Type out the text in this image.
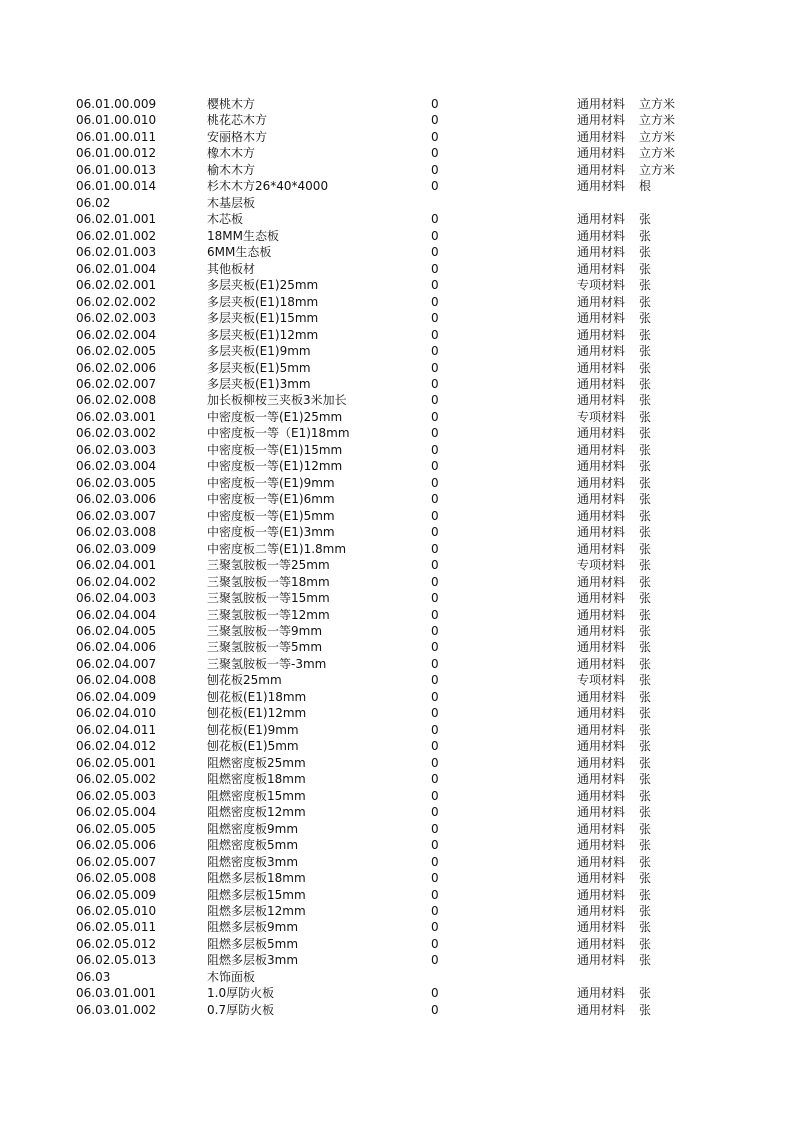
06.01.00.009	樱桃木方	0	通用材料 立方米
06.01.00.010	桃花芯木方	0	通用材料 立方米
06.01.00.011	安丽格木方	0	通用材料 立方米
06.01.00.012	橡木木方	0	通用材料 立方米
06.01.00.013	榆木木方	0	通用材料 立方米
06.01.00.014	杉木木方26*40*4000	0	通用材料 根
06.02	木基层板
06.02.01.001	木芯板	0	通用材料 张
06.02.01.002	18MM生态板	0	通用材料 张
06.02.01.003	6MM生态板	0	通用材料 张
06.02.01.004	其他板材	0	通用材料 张
06.02.02.001	多层夹板(E1)25mm	0	专项材料 张
06.02.02.002	多层夹板(E1)18mm	0	通用材料 张
06.02.02.003	多层夹板(E1)15mm	0	通用材料 张
06.02.02.004	多层夹板(E1)12mm	0	通用材料 张
06.02.02.005	多层夹板(E1)9mm	0	通用材料 张
06.02.02.006	多层夹板(E1)5mm	0	通用材料 张
06.02.02.007	多层夹板(E1)3mm	0	通用材料 张
06.02.02.008	加长板柳桉三夹板3米加长	0	通用材料 张
06.02.03.001	中密度板一等(E1)25mm	0	专项材料 张
06.02.03.002	中密度板一等（E1)18mm	0	通用材料 张
06.02.03.003	中密度板一等(E1)15mm	0	通用材料 张
06.02.03.004	中密度板一等(E1)12mm	0	通用材料 张
06.02.03.005	中密度板一等(E1)9mm	0	通用材料 张
06.02.03.006	中密度板一等(E1)6mm	0	通用材料 张
06.02.03.007	中密度板一等(E1)5mm	0	通用材料 张
06.02.03.008	中密度板一等(E1)3mm	0	通用材料 张
06.02.03.009	中密度板二等(E1)1.8mm	0	通用材料 张
06.02.04.001	三聚氢胺板一等25mm	0	专项材料 张
06.02.04.002	三聚氢胺板一等18mm	0	通用材料 张
06.02.04.003	三聚氢胺板一等15mm	0	通用材料 张
06.02.04.004	三聚氢胺板一等12mm	0	通用材料 张
06.02.04.005	三聚氢胺板一等9mm	0	通用材料 张
06.02.04.006	三聚氢胺板一等5mm	0	通用材料 张
06.02.04.007	三聚氢胺板一等-3mm	0	通用材料 张
06.02.04.008	刨花板25mm	0	专项材料 张
06.02.04.009	刨花板(E1)18mm	0	通用材料 张
06.02.04.010	刨花板(E1)12mm	0	通用材料 张
06.02.04.011	刨花板(E1)9mm	0	通用材料 张
06.02.04.012	刨花板(E1)5mm	0	通用材料 张
06.02.05.001	阻燃密度板25mm	0	通用材料 张
06.02.05.002	阻燃密度板18mm	0	通用材料 张
06.02.05.003	阻燃密度板15mm	0	通用材料 张
06.02.05.004	阻燃密度板12mm	0	通用材料 张
06.02.05.005	阻燃密度板9mm	0	通用材料 张
06.02.05.006	阻燃密度板5mm	0	通用材料 张
06.02.05.007	阻燃密度板3mm	0	通用材料 张
06.02.05.008	阻燃多层板18mm	0	通用材料 张
06.02.05.009	阻燃多层板15mm	0	通用材料 张
06.02.05.010	阻燃多层板12mm	0	通用材料 张
06.02.05.011	阻燃多层板9mm	0	通用材料 张
06.02.05.012	阻燃多层板5mm	0	通用材料 张
06.02.05.013	阻燃多层板3mm	0	通用材料 张
06.03	木饰面板
06.03.01.001	1.0厚防火板	0	通用材料 张
06.03.01.002	0.7厚防火板	0	通用材料 张
